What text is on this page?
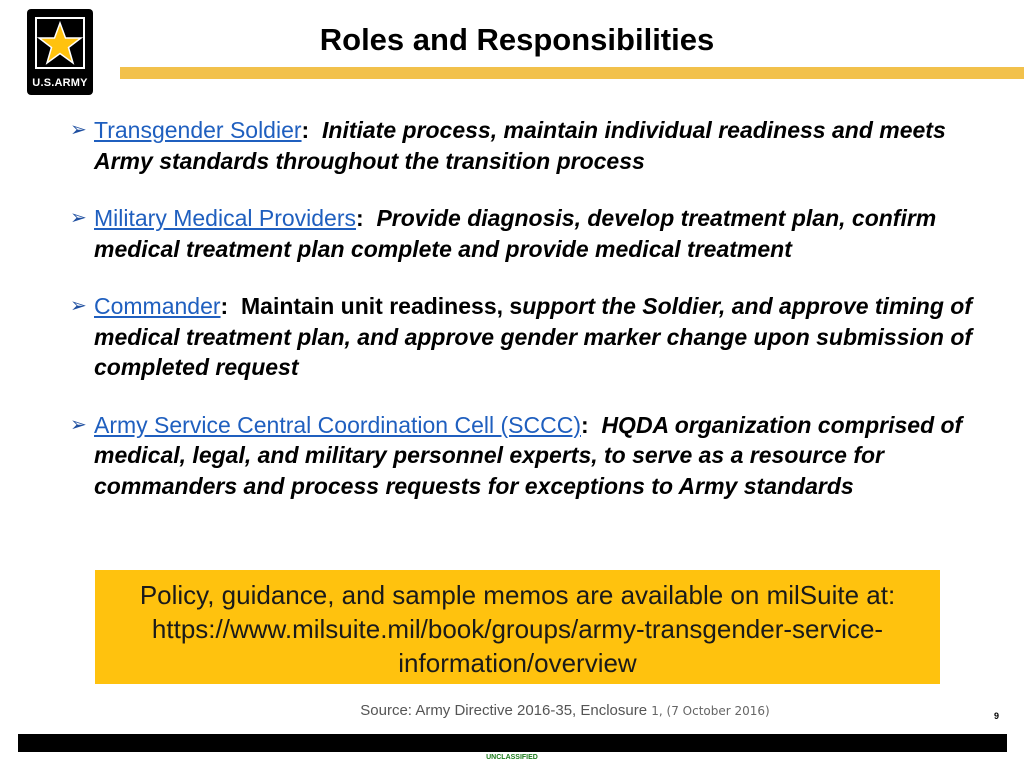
U.S.ARMY
Roles and Responsibilities
➢ Transgender Soldier: Initiate process, maintain individual readiness and meets Army standards throughout the transition process
➢ Military Medical Providers: Provide diagnosis, develop treatment plan, confirm medical treatment plan complete and provide medical treatment
➢ Commander: Maintain unit readiness, support the Soldier, and approve timing of medical treatment plan, and approve gender marker change upon submission of completed request
➢ Army Service Central Coordination Cell (SCCC): HQDA organization comprised of medical, legal, and military personnel experts, to serve as a resource for commanders and process requests for exceptions to Army standards
Policy, guidance, and sample memos are available on milSuite at: https://www.milsuite.mil/book/groups/army-transgender-service-information/overview
Source: Army Directive 2016-35, Enclosure 1, (7 October 2016)	9
UNCLASSIFIED
